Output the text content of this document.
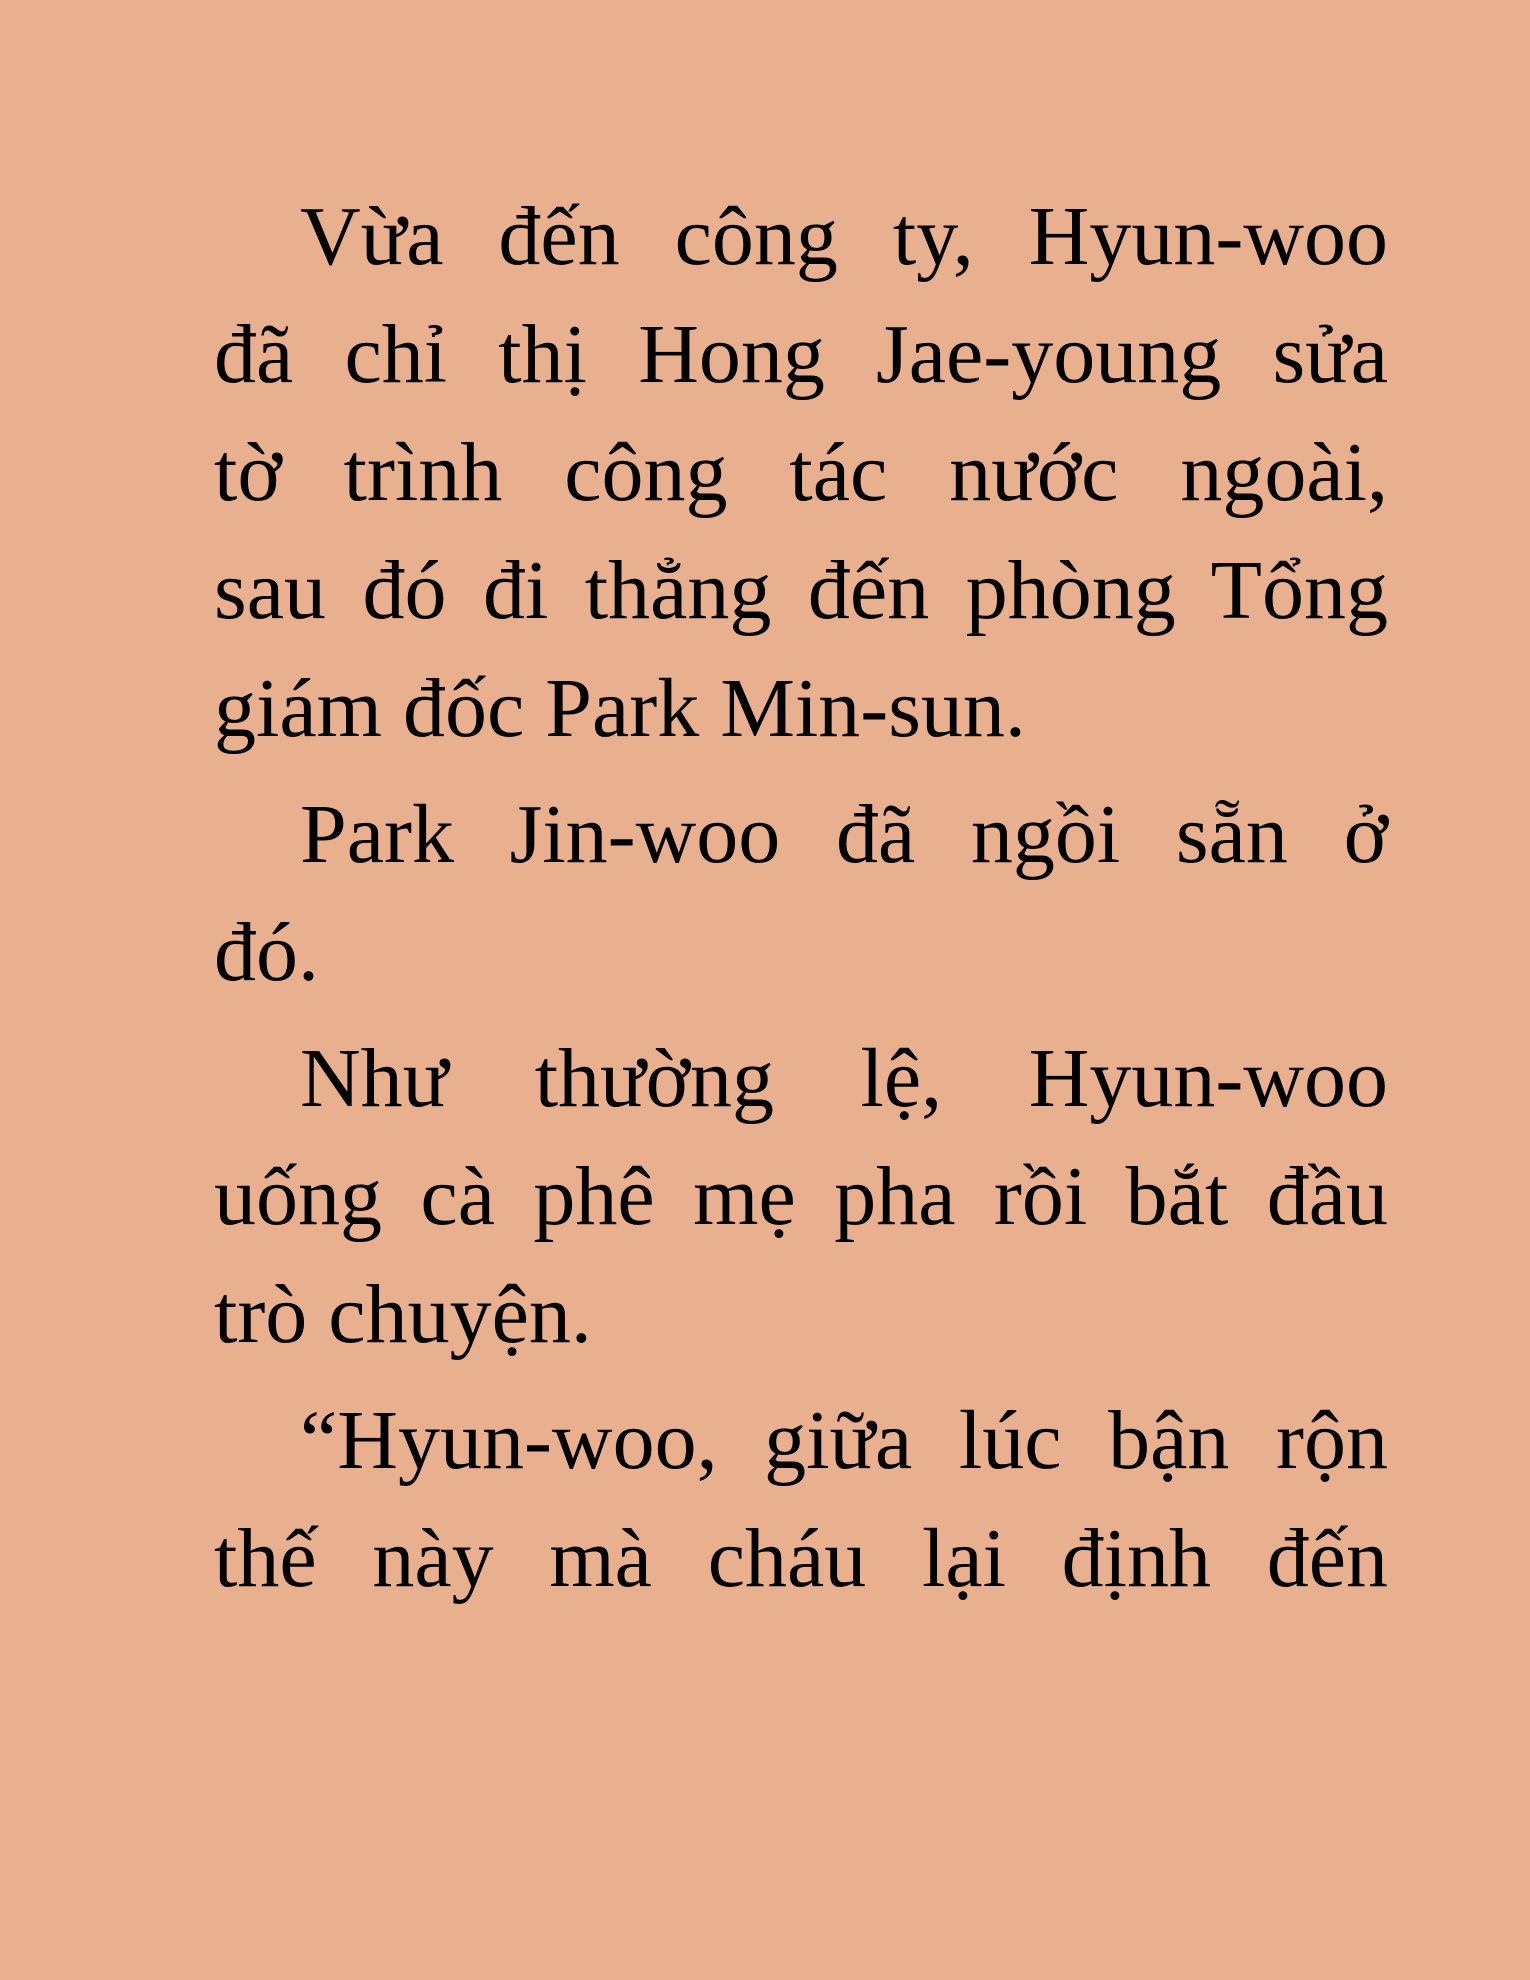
Vừa đến công ty, Hyun-woo
đã chỉ thị Hong Jae-young sửa
tờ trình công tác nước ngoài,
sau đó đi thẳng đến phòng Tổng
giám đốc Park Min-sun.

Park Jin-woo đã ngồi sẵn ở
đó.

Như thường lệ, Hyun-woo
uống cà phê mẹ pha rồi bắt đầu
trò chuyện.

“Hyun-woo, giữa lúc bận rộn
thế này mà cháu lại định đến
